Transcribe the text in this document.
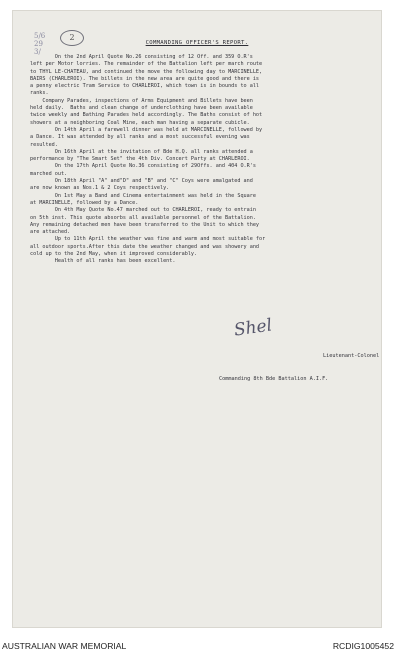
5/6
29
3/
2
COMMANDING OFFICER'S REPORT.
On the 2nd April Quote No.26 consisting of 12 Off. and 359 O.R's
left per Motor lorries. The remainder of the Battalion left per march route
to THYL LE-CHATEAU, and continued the move the following day to MARCINELLE,
BAIRS (CHARLEROI). The billets in the new area are quite good and there is
a penny electric Tram Service to CHARLEROI, which town is in bounds to all
ranks.
Company Parades, inspections of Arms Equipment and Billets have been
held daily.  Baths and clean change of underclothing have been available
twice weekly and Bathing Parades held accordingly. The Baths consist of hot
showers at a neighboring Coal Mine, each man having a separate cubicle.
On 14th April a farewell dinner was held at MARCINELLE, followed by
a Dance. It was attended by all ranks and a most successful evening was
resulted.
On 16th April at the invitation of Bde H.Q. all ranks attended a
performance by "The Smart Set" the 4th Div. Concert Party at CHARLEROI.
On the 17th April Quote No.36 consisting of 29Offs. and 404 O.R's
marched out.
On 18th April "A" and"D" and "B" and "C" Coys were amalgated and
are now known as Nos.1 & 2 Coys respectively.
On 1st May a Band and Cinema entertainment was held in the Square
at MARCINELLE, followed by a Dance.
On 4th May Quote No.47 marched out to CHARLEROI, ready to entrain
on 5th inst. This quote absorbs all available personnel of the Battalion.
Any remaining detached men have been transferred to the Unit to which they
are attached.
Up to 11th April the weather was fine and warm and most suitable for
all outdoor sports.After this date the weather changed and was showery and
cold up to the 2nd May, when it improved considerably.
Health of all ranks has been excellent.
Shel

Lieutenant-Colonel

Commanding 8th Bde Battalion A.I.F.

AUSTRALIAN WAR MEMORIAL	RCDIG1005452
